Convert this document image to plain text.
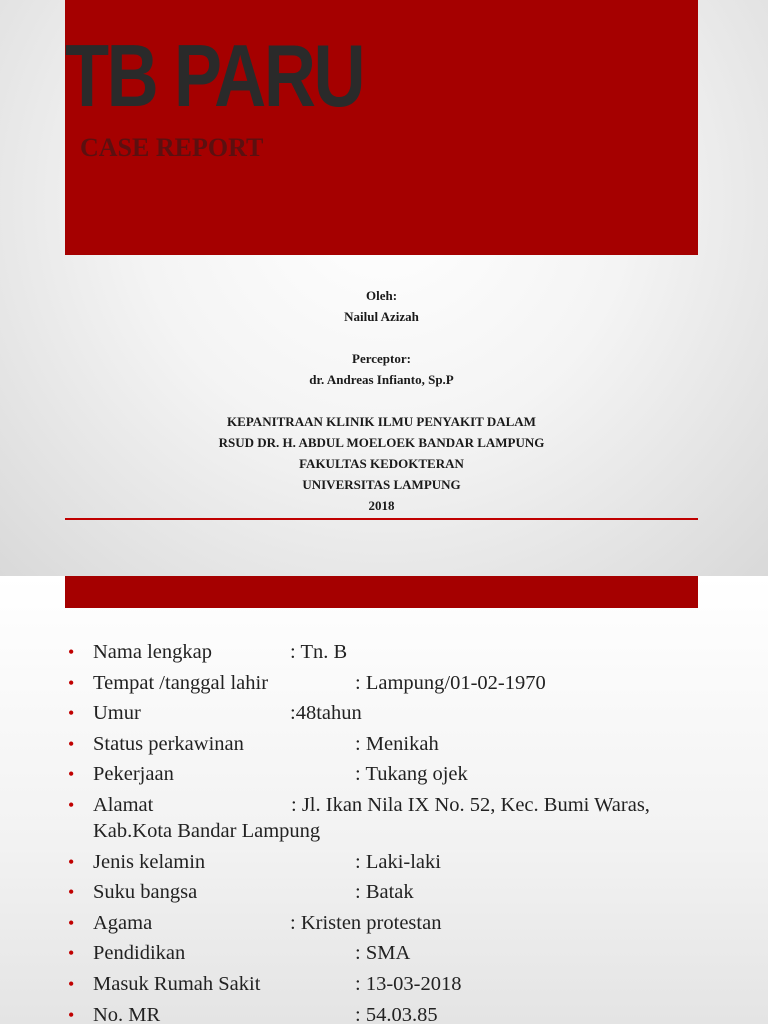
TB PARU
CASE REPORT
Oleh:
Nailul Azizah
Perceptor:
dr. Andreas Infianto, Sp.P
KEPANITRAAN KLINIK ILMU PENYAKIT DALAM
RSUD DR. H. ABDUL MOELOEK BANDAR LAMPUNG
FAKULTAS KEDOKTERAN
UNIVERSITAS LAMPUNG
2018
• Nama lengkap	: Tn. B
• Tempat /tanggal lahir	: Lampung/01-02-1970
• Umur	:48tahun
• Status perkawinan	: Menikah
• Pekerjaan	: Tukang ojek
• Alamat	: Jl. Ikan Nila IX No. 52, Kec. Bumi Waras,
Kab.Kota Bandar Lampung
• Jenis kelamin	: Laki-laki
• Suku bangsa	: Batak
• Agama	: Kristen protestan
• Pendidikan	: SMA
• Masuk Rumah Sakit	: 13-03-2018
• No. MR	: 54.03.85
